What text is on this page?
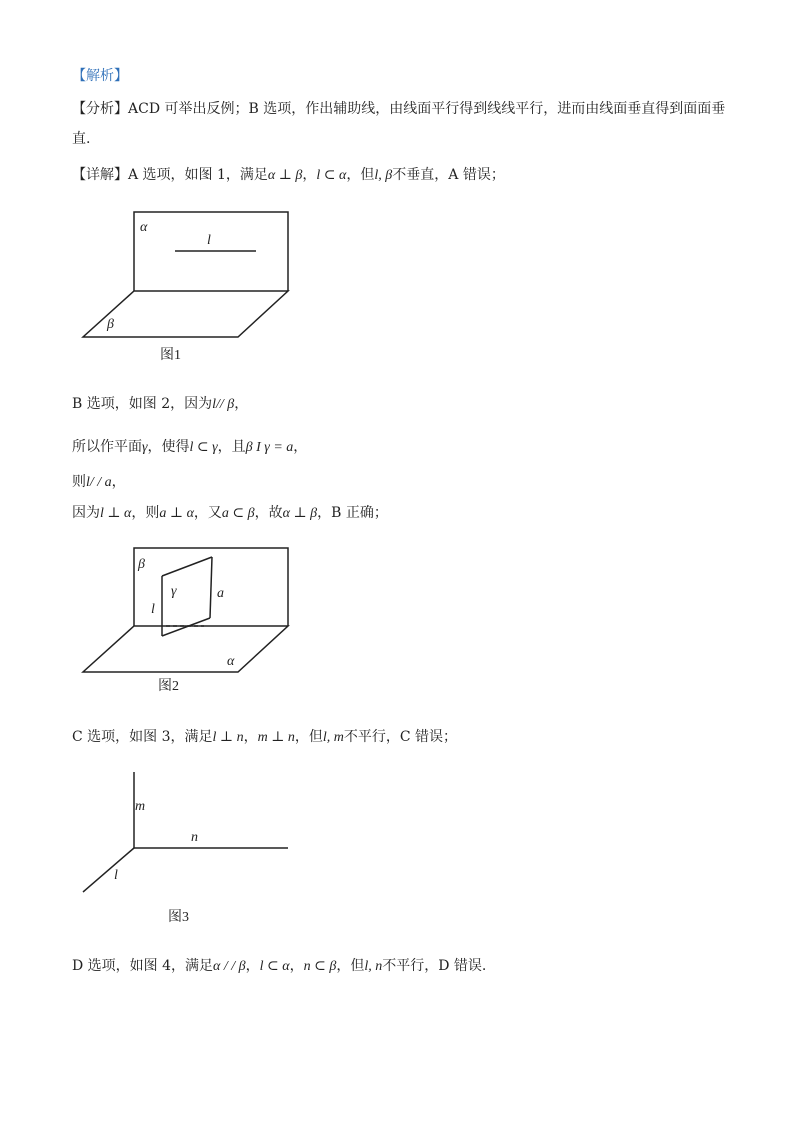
【解析】
【分析】ACD 可举出反例；B 选项，作出辅助线，由线面平行得到线线平行，进而由线面垂直得到面面垂
直.
【详解】A 选项，如图 1，满足α ⊥ β，l ⊂ α，但l, β不垂直，A 错误；
α
l
β
图1
B 选项，如图 2，因为l// β，
所以作平面γ，使得l ⊂ γ，且β I γ = a，
则l/ / a，
因为l ⊥ α，则a ⊥ α，又a ⊂ β，故α ⊥ β，B 正确；
β
γ	a
l
α
图2
C 选项，如图 3，满足l ⊥ n，m ⊥ n，但l, m不平行，C 错误；
m
n
l
图3
D 选项，如图 4，满足α / / β，l ⊂ α，n ⊂ β，但l, n不平行，D 错误.
